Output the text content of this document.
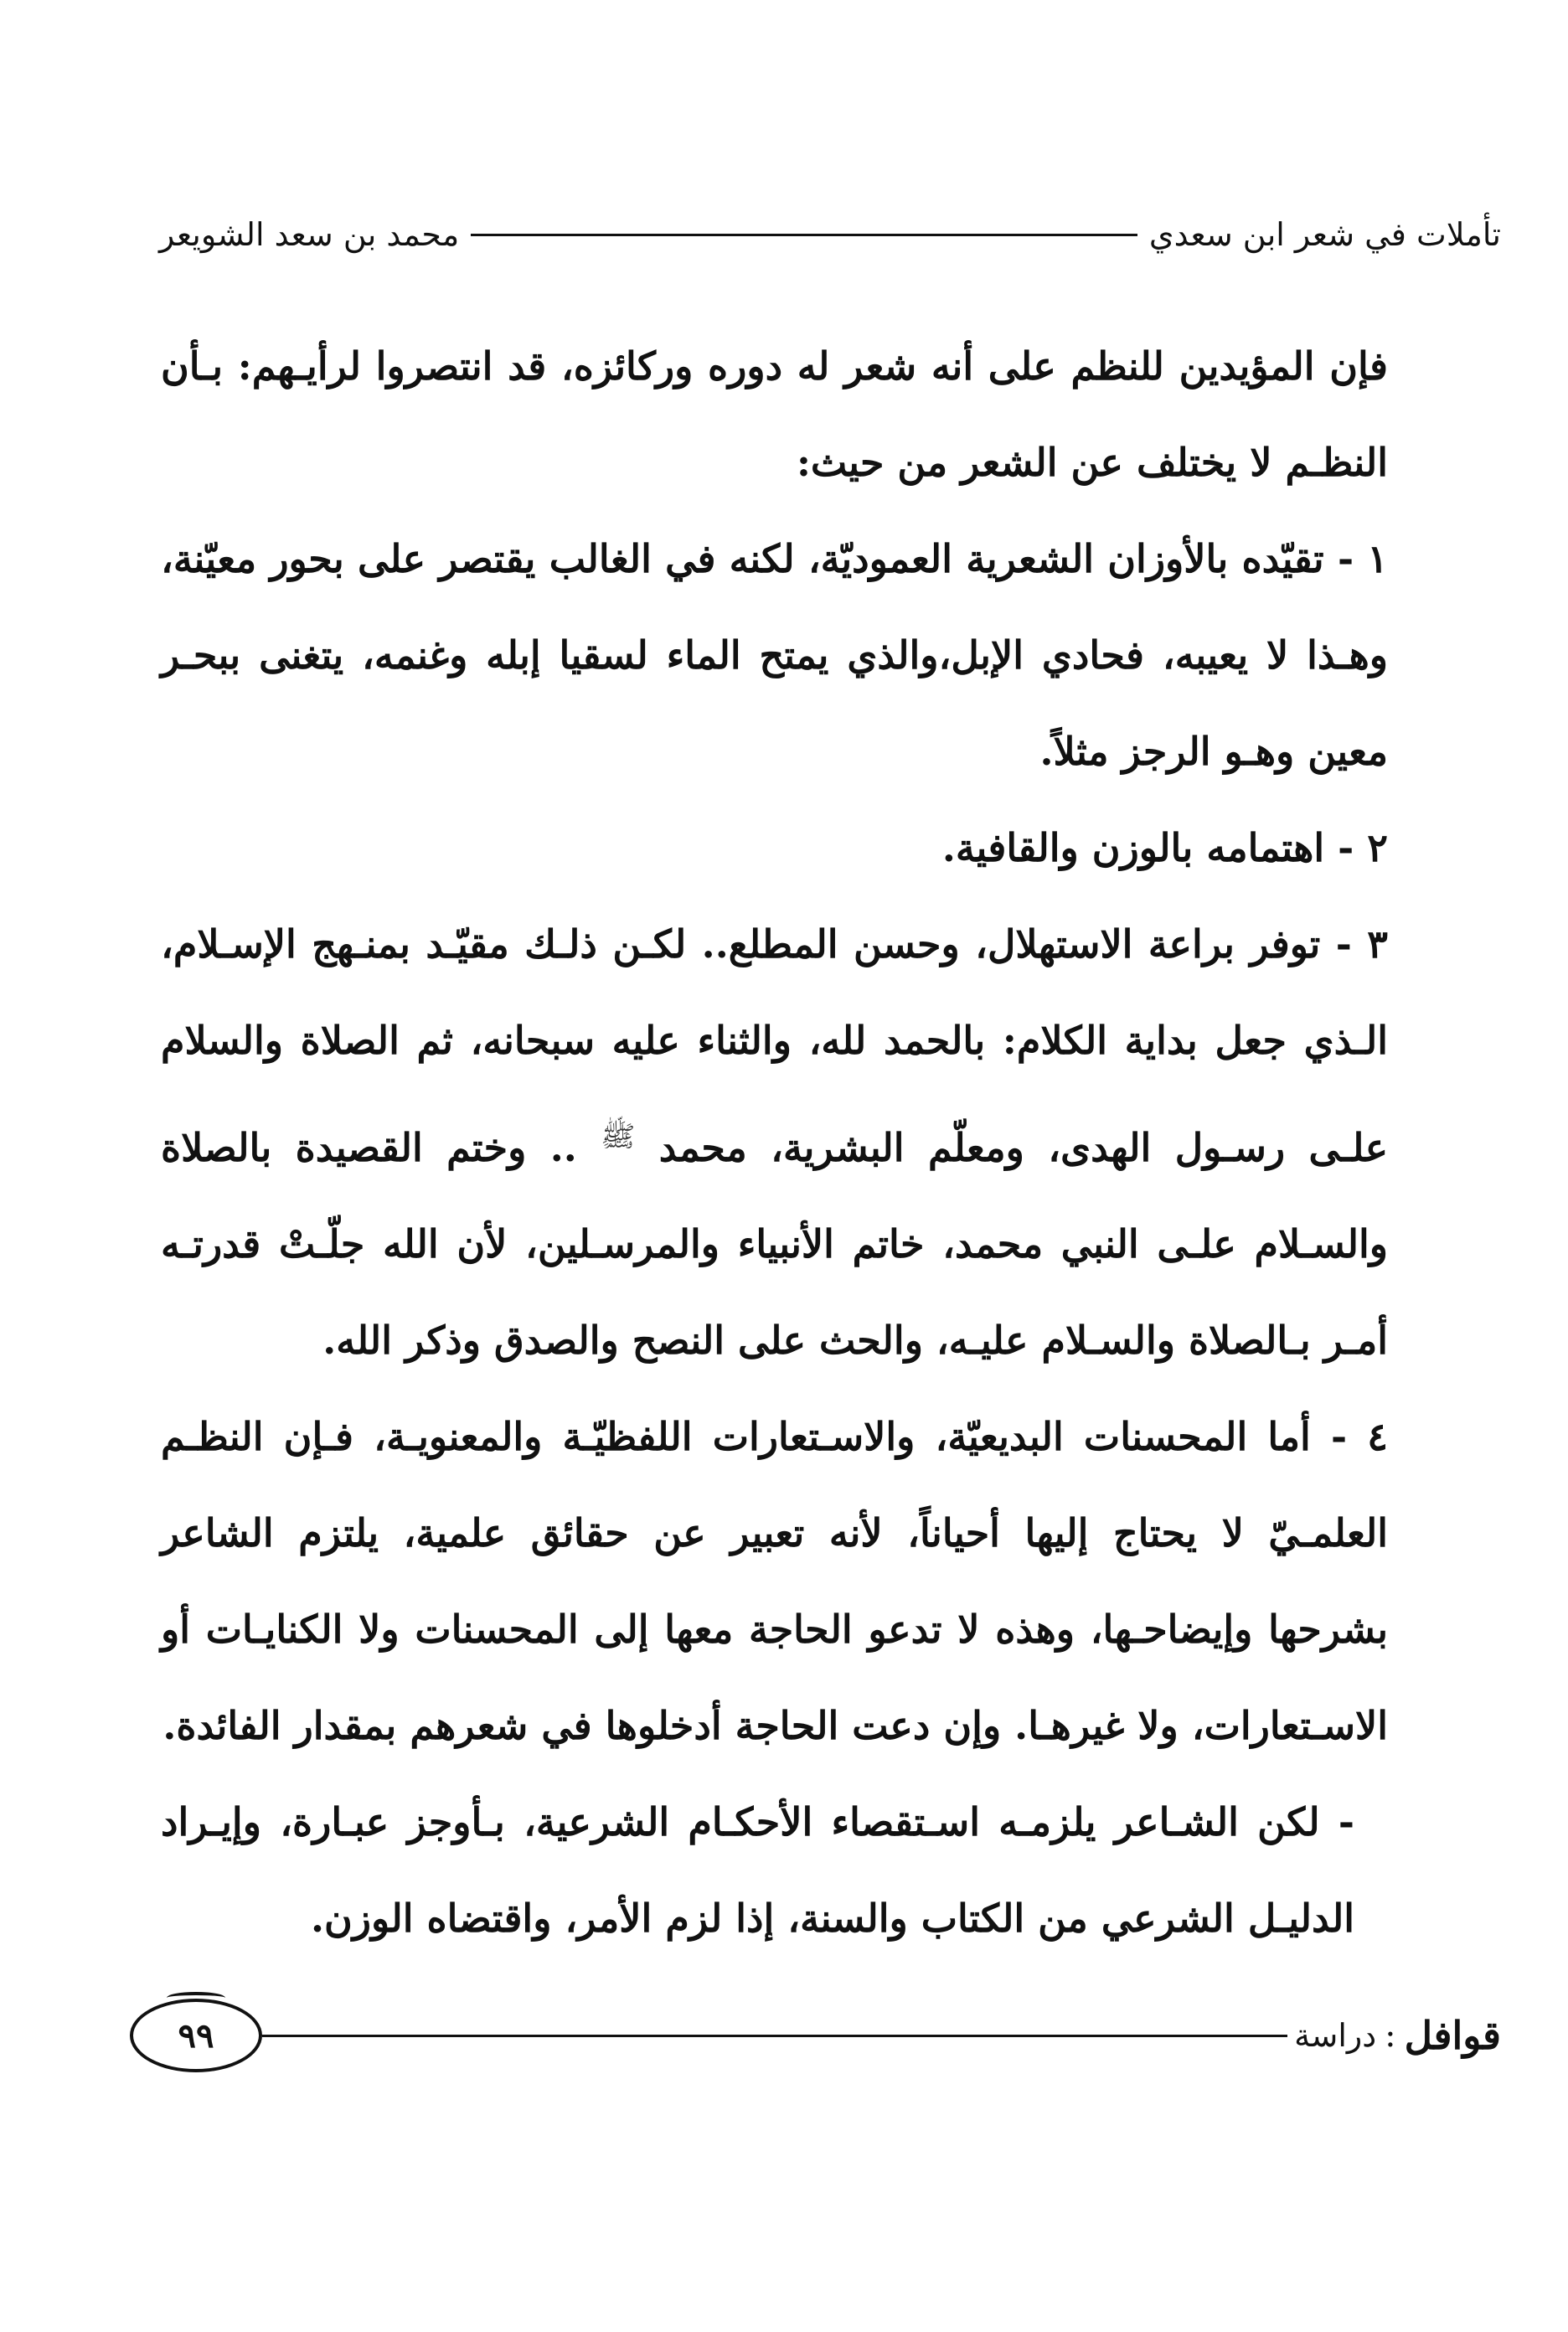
تأملات في شعر ابن سعدي
محمد بن سعد الشويعر

فإن المؤيدين للنظم على أنه شعر له دوره وركائزه، قد انتصروا لرأيـهم: بـأن النظـم لا يختلف عن الشعر من حيث:

١ - تقيّده بالأوزان الشعرية العموديّة، لكنه في الغالب يقتصر على بحور معيّنة، وهـذا لا يعيبه، فحادي الإبل،والذي يمتح الماء لسقيا إبله وغنمه، يتغنى ببحـر معين وهـو الرجز مثلاً.

٢ - اهتمامه بالوزن والقافية.

٣ - توفر براعة الاستهلال، وحسن المطلع.. لكـن ذلـك مقيّـد بمنـهج الإسـلام، الـذي جعل بداية الكلام: بالحمد لله، والثناء عليه سبحانه، ثم الصلاة والسلام علـى رسـول الهدى، ومعلّم البشرية، محمد $^ﷺ$ .. وختم القصيدة بالصلاة والسـلام علـى النبي محمد، خاتم الأنبياء والمرسـلين، لأن الله جلّـتْ قدرتـه أمـر بـالصلاة والسـلام عليـه، والحث على النصح والصدق وذكر الله.

٤ - أما المحسنات البديعيّة، والاسـتعارات اللفظيّـة والمعنويـة، فـإن النظـم العلمـيّ لا يحتاج إليها أحياناً، لأنه تعبير عن حقائق علمية، يلتزم الشاعر بشرحها وإيضاحـها، وهذه لا تدعو الحاجة معها إلى المحسنات ولا الكنايـات أو الاسـتعارات، ولا غيرهـا. وإن دعت الحاجة أدخلوها في شعرهم بمقدار الفائدة.

- لكن الشـاعر يلزمـه اسـتقصاء الأحكـام الشرعية، بـأوجز عبـارة، وإيـراد الدليـل الشرعي من الكتاب والسنة، إذا لزم الأمر، واقتضاه الوزن.

قوافل
:
دراسة
٩٩
